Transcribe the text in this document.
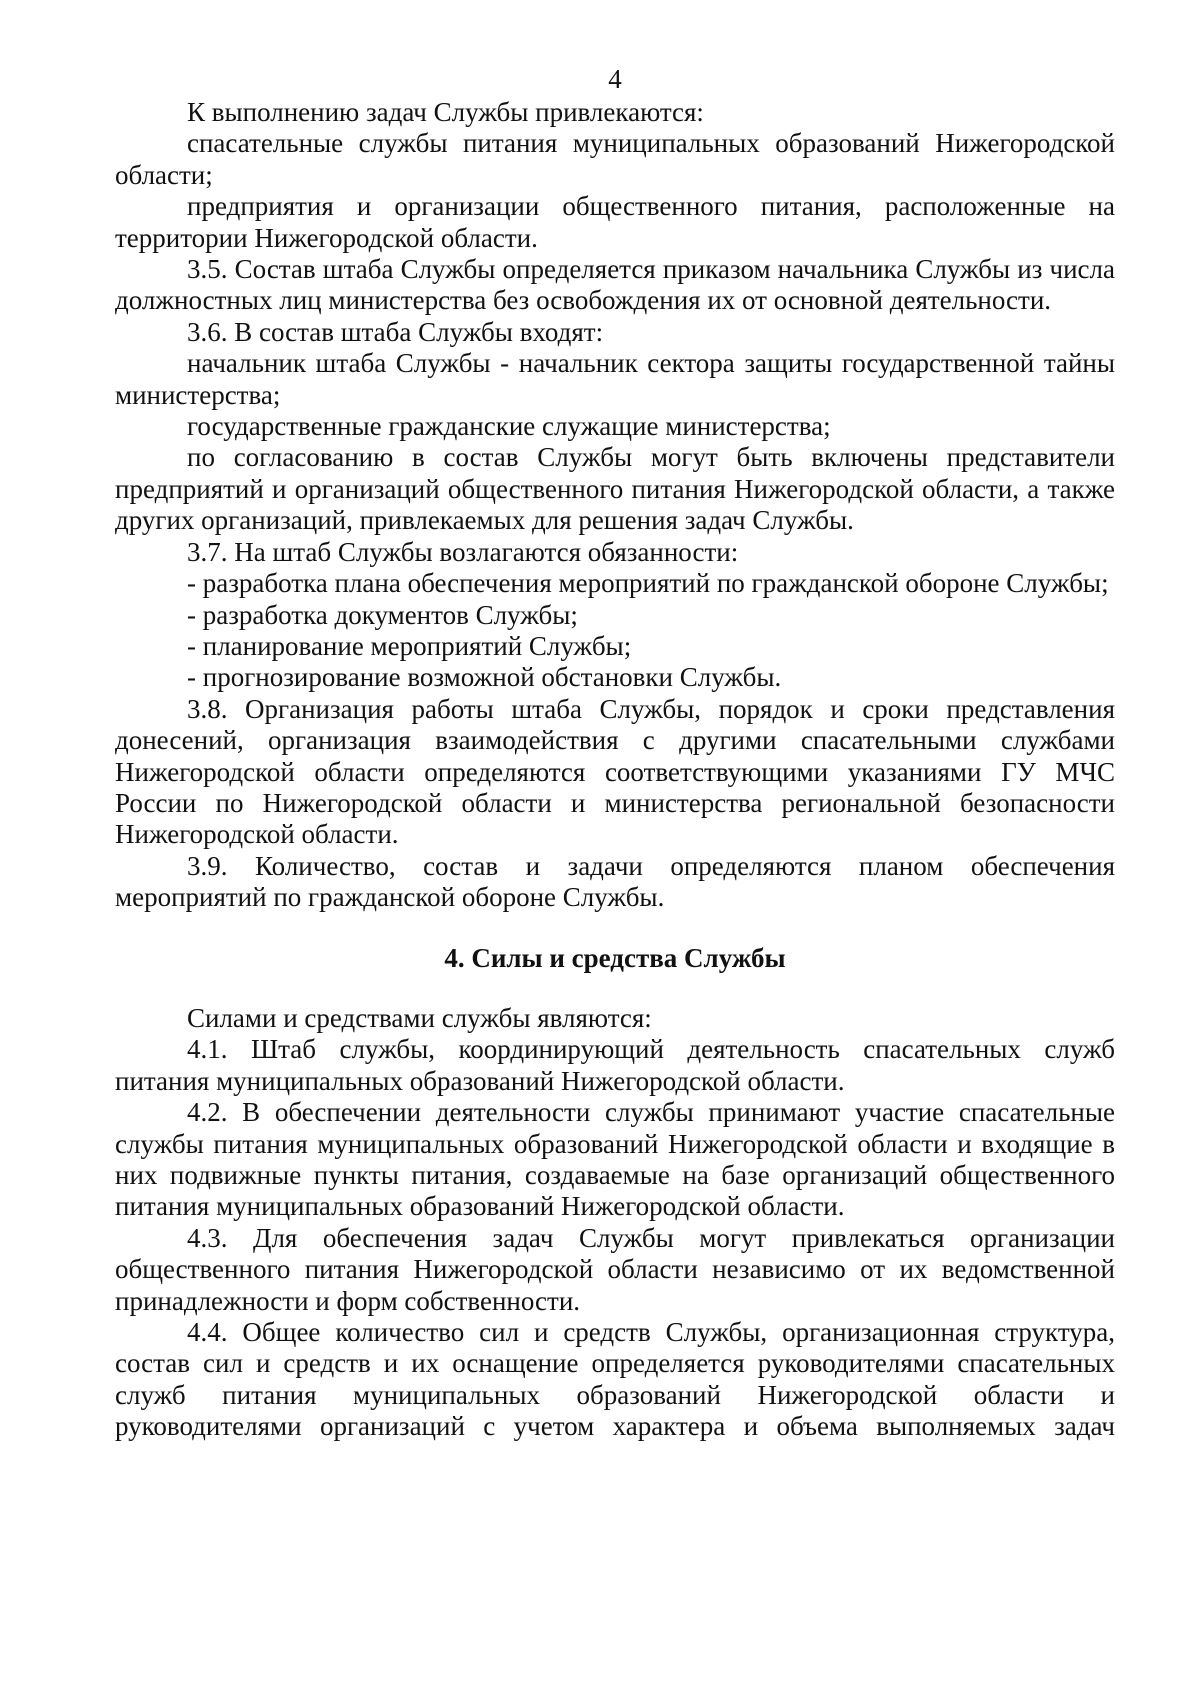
4

К выполнению задач Службы привлекаются:

спасательные службы питания муниципальных образований Нижегородской области;

предприятия и организации общественного питания, расположенные на территории Нижегородской области.

3.5. Состав штаба Службы определяется приказом начальника Службы из числа должностных лиц министерства без освобождения их от основной деятельности.

3.6. В состав штаба Службы входят:

начальник штаба Службы - начальник сектора защиты государственной тайны министерства;

государственные гражданские служащие министерства;

по согласованию в состав Службы могут быть включены представители предприятий и организаций общественного питания Нижегородской области, а также других организаций, привлекаемых для решения задач Службы.

3.7. На штаб Службы возлагаются обязанности:

- разработка плана обеспечения мероприятий по гражданской обороне Службы;

- разработка документов Службы;

- планирование мероприятий Службы;

- прогнозирование возможной обстановки Службы.

3.8. Организация работы штаба Службы, порядок и сроки представления донесений, организация взаимодействия с другими спасательными службами Нижегородской области определяются соответствующими указаниями ГУ МЧС России по Нижегородской области и министерства региональной безопасности Нижегородской области.

3.9. Количество, состав и задачи определяются планом обеспечения мероприятий по гражданской обороне Службы.

4. Силы и средства Службы

Силами и средствами службы являются:

4.1. Штаб службы, координирующий деятельность спасательных служб питания муниципальных образований Нижегородской области.

4.2. В обеспечении деятельности службы принимают участие спасательные службы питания муниципальных образований Нижегородской области и входящие в них подвижные пункты питания, создаваемые на базе организаций общественного питания муниципальных образований Нижегородской области.

4.3. Для обеспечения задач Службы могут привлекаться организации общественного питания Нижегородской области независимо от их ведомственной принадлежности и форм собственности.

4.4. Общее количество сил и средств Службы, организационная структура, состав сил и средств и их оснащение определяется руководителями спасательных служб питания муниципальных образований Нижегородской области и руководителями организаций с учетом характера и объема выполняемых задач
